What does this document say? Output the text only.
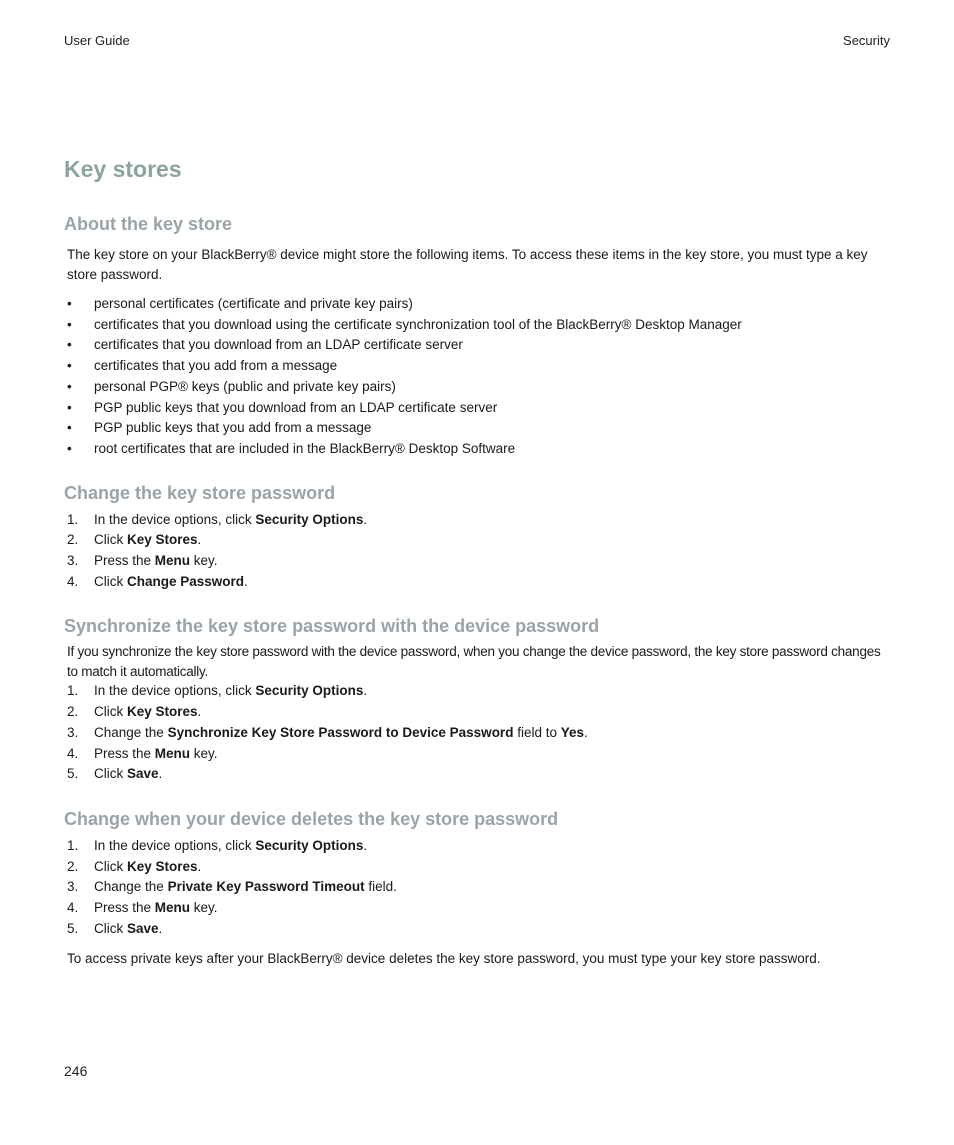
User Guide	Security
Key stores
About the key store

The key store on your BlackBerry® device might store the following items. To access these items in the key store, you must type a key store password.

• personal certificates (certificate and private key pairs)
• certificates that you download using the certificate synchronization tool of the BlackBerry® Desktop Manager
• certificates that you download from an LDAP certificate server
• certificates that you add from a message
• personal PGP® keys (public and private key pairs)
• PGP public keys that you download from an LDAP certificate server
• PGP public keys that you add from a message
• root certificates that are included in the BlackBerry® Desktop Software
Change the key store password
1. In the device options, click Security Options.
2. Click Key Stores.
3. Press the Menu key.
4. Click Change Password.
Synchronize the key store password with the device password

If you synchronize the key store password with the device password, when you change the device password, the key store password changes to match it automatically.

1. In the device options, click Security Options.
2. Click Key Stores.
3. Change the Synchronize Key Store Password to Device Password field to Yes.
4. Press the Menu key.
5. Click Save.
Change when your device deletes the key store password
1. In the device options, click Security Options.
2. Click Key Stores.
3. Change the Private Key Password Timeout field.
4. Press the Menu key.
5. Click Save.

To access private keys after your BlackBerry® device deletes the key store password, you must type your key store password.

246
